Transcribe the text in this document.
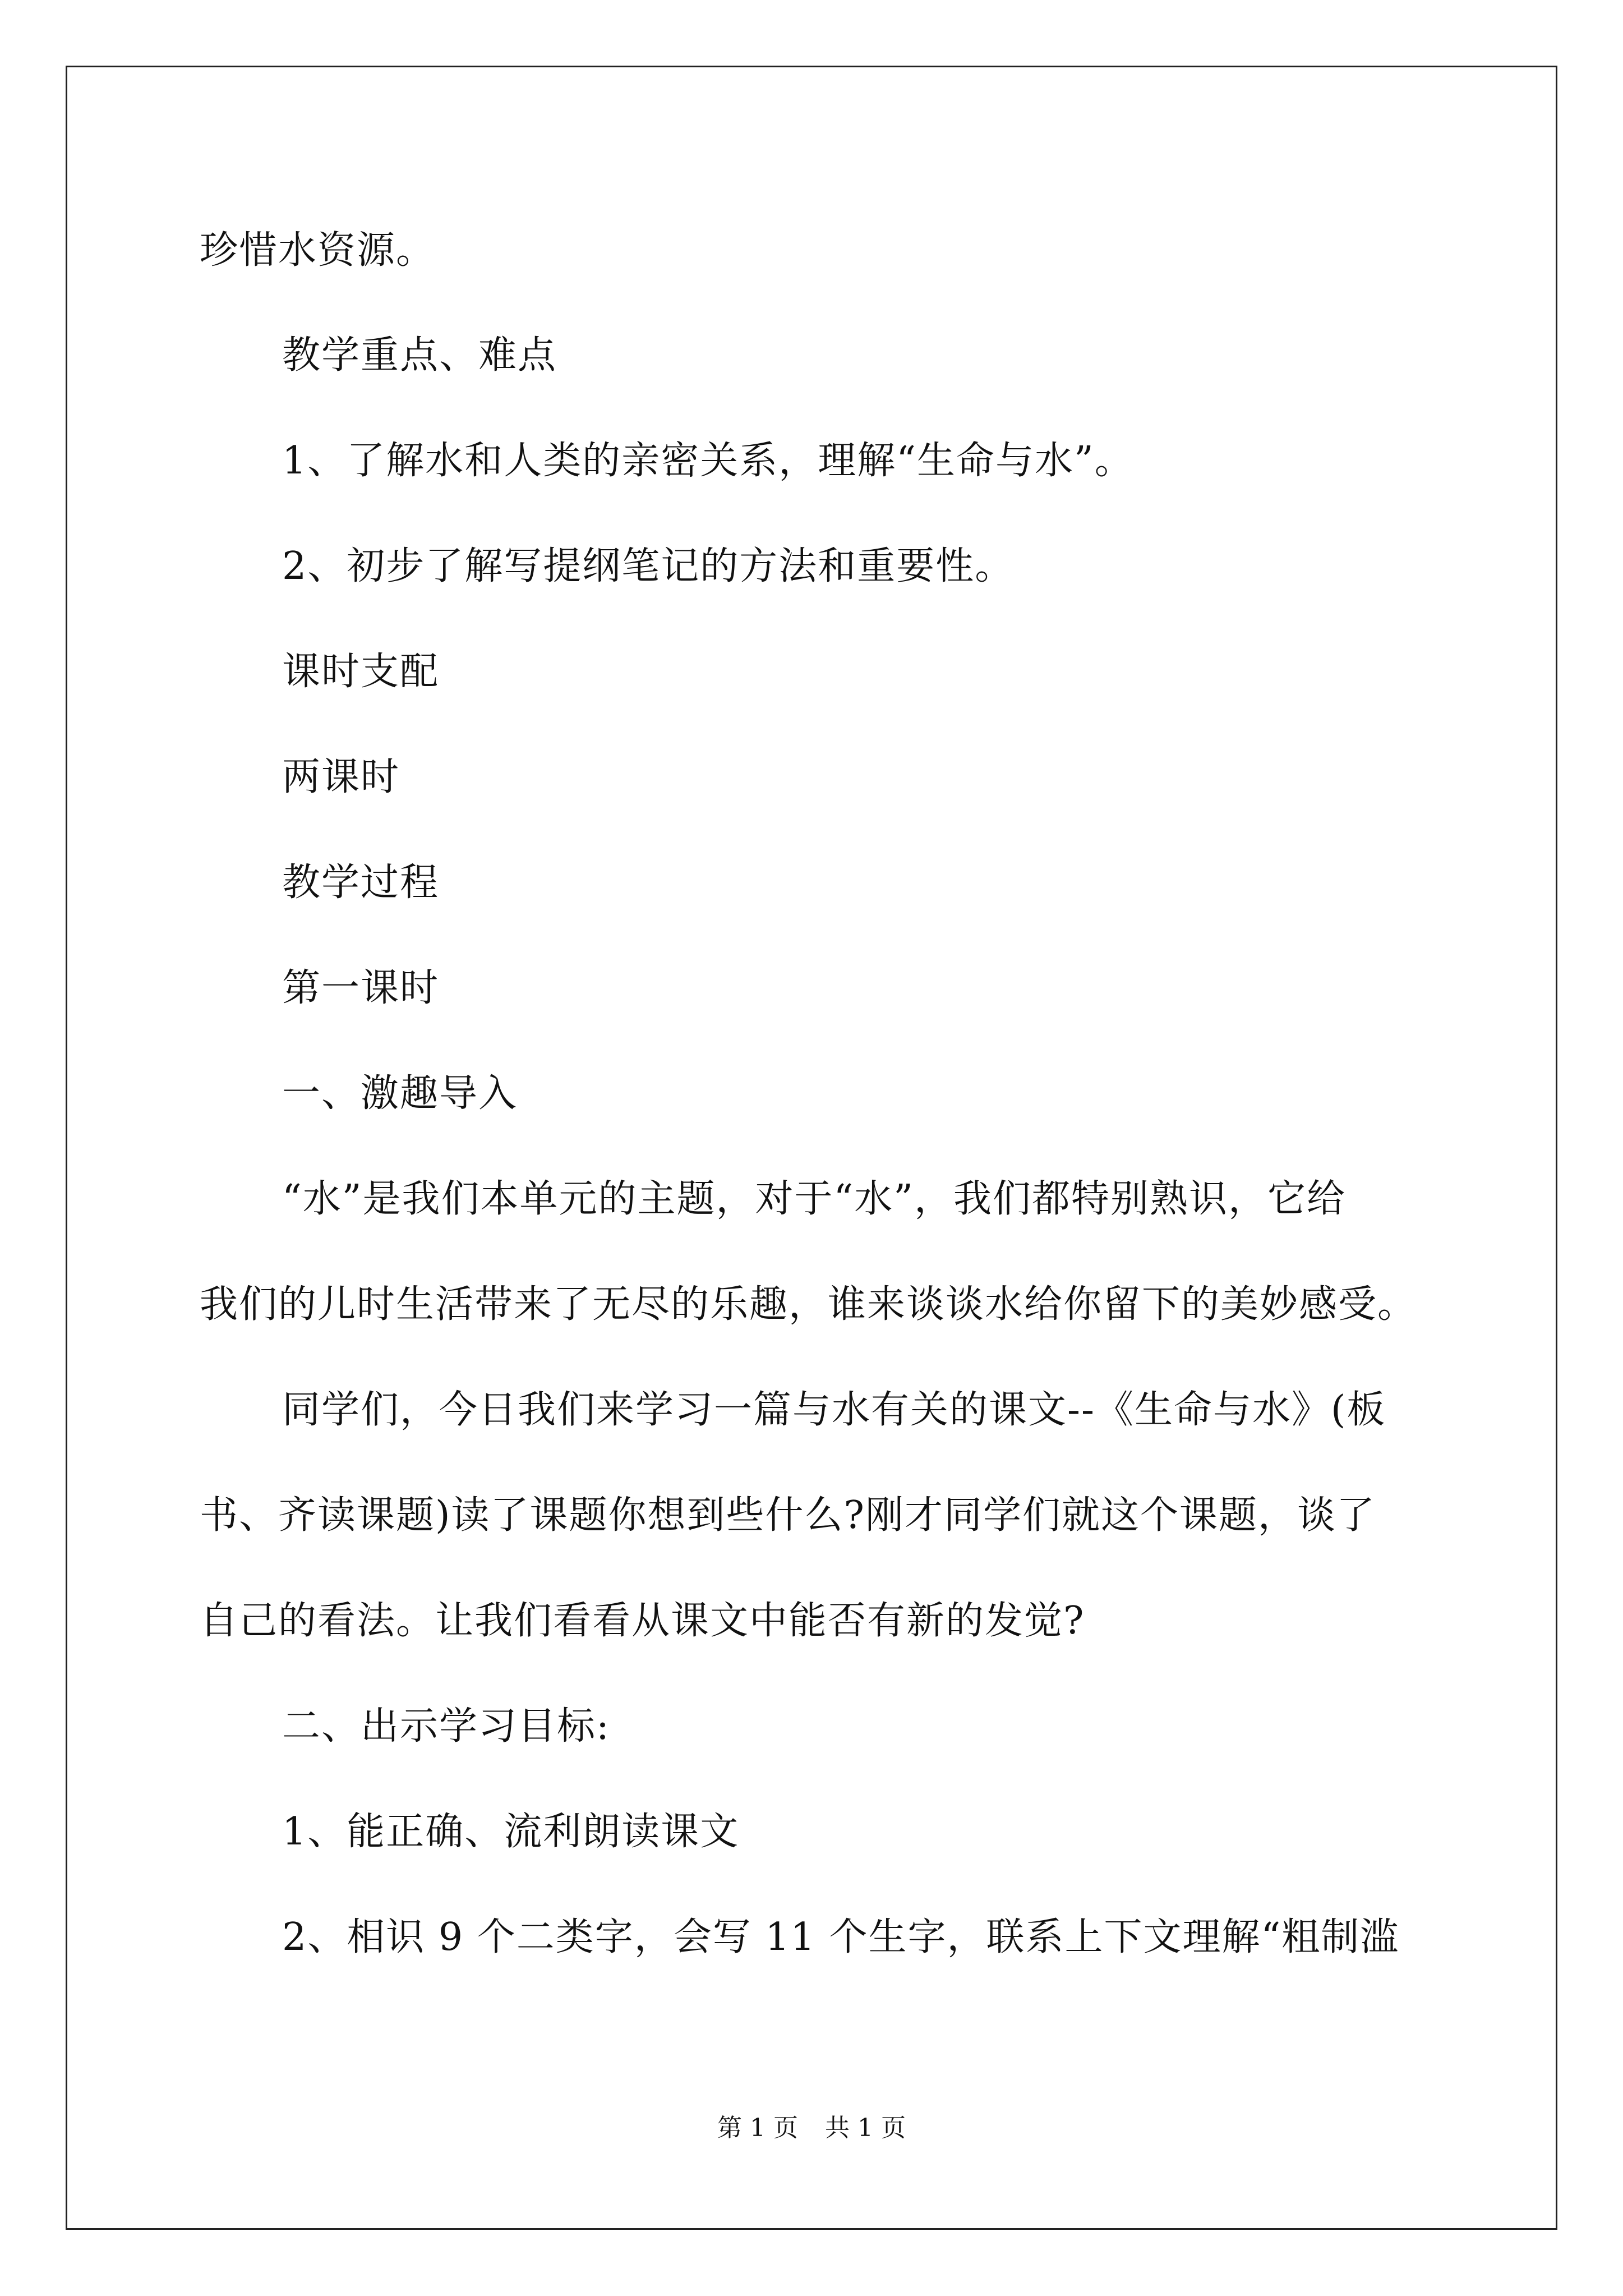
珍惜水资源。
教学重点、难点
1、了解水和人类的亲密关系，理解“生命与水”。
2、初步了解写提纲笔记的方法和重要性。
课时支配
两课时
教学过程
第一课时
一、激趣导入
“水”是我们本单元的主题，对于“水”，我们都特别熟识，它给
我们的儿时生活带来了无尽的乐趣，谁来谈谈水给你留下的美妙感受。
同学们，今日我们来学习一篇与水有关的课文--《生命与水》(板
书、齐读课题)读了课题你想到些什么?刚才同学们就这个课题，谈了
自己的看法。让我们看看从课文中能否有新的发觉?
二、出示学习目标:
1、能正确、流利朗读课文
2、相识 9 个二类字，会写 11 个生字，联系上下文理解“粗制滥
第 1 页 共 1 页
